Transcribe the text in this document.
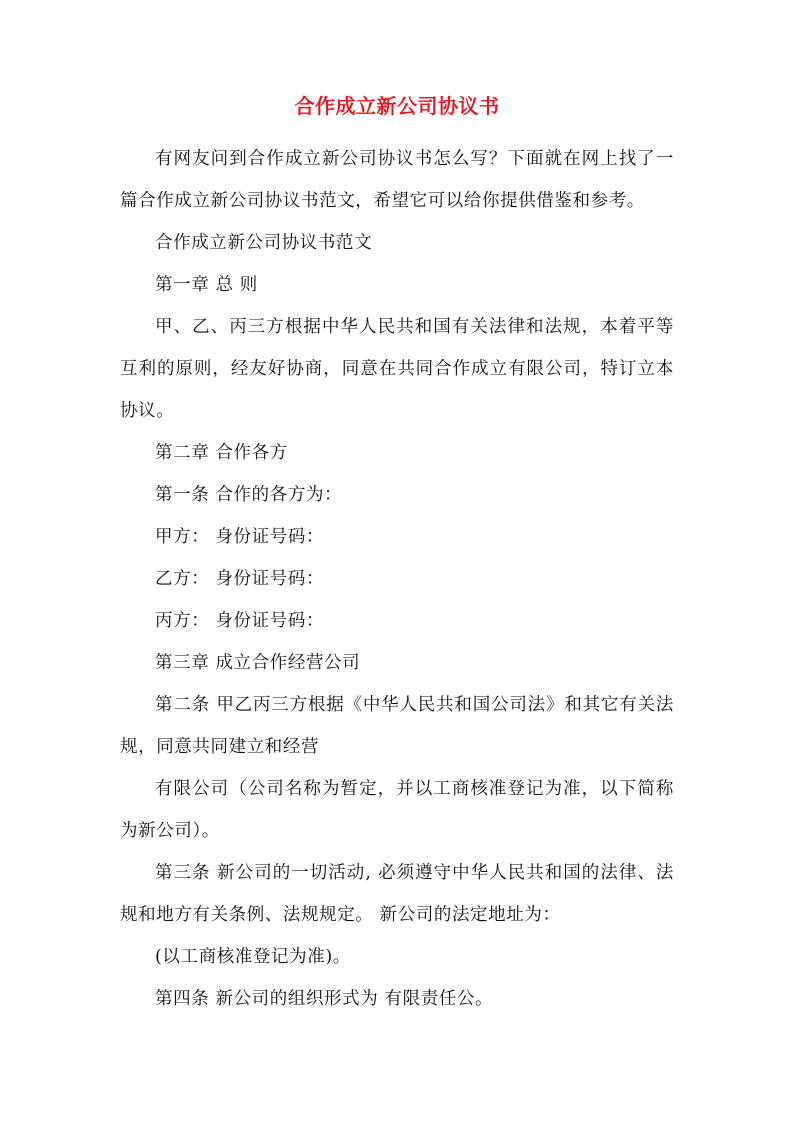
合作成立新公司协议书

有网友问到合作成立新公司协议书怎么写？下面就在网上找了一篇合作成立新公司协议书范文，希望它可以给你提供借鉴和参考。

合作成立新公司协议书范文

第一章 总 则

甲、乙、丙三方根据中华人民共和国有关法律和法规，本着平等互利的原则，经友好协商，同意在共同合作成立有限公司，特订立本协议。

第二章 合作各方

第一条 合作的各方为：

甲方： 身份证号码：

乙方： 身份证号码：

丙方： 身份证号码：

第三章 成立合作经营公司

第二条 甲乙丙三方根据《中华人民共和国公司法》和其它有关法规，同意共同建立和经营

有限公司（公司名称为暂定，并以工商核准登记为准，以下简称为新公司）。

第三条 新公司的一切活动, 必须遵守中华人民共和国的法律、法规和地方有关条例、法规规定。 新公司的法定地址为：

(以工商核准登记为准)。

第四条 新公司的组织形式为 有限责任公。
